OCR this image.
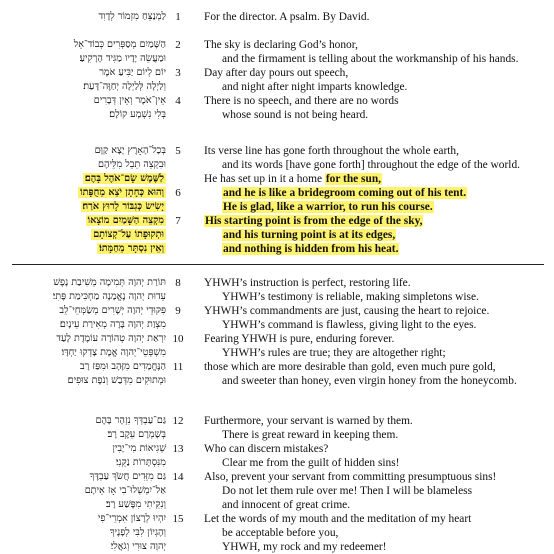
לַמְנַצֵּחַ מִזְמוֹר לְדָוִד 1	For the director. A psalm. By David.
הַשָּׁמַיִם מְסַפְּרִים כְּבוֹד־אֵל 2	The sky is declaring God’s honor,
וּמַעֲשֵׂה יָדָיו מַגִּיד הָרָקִיעַ׃	and the firmament is telling about the workmanship of his hands.
יוֹם לְיוֹם יַבִּיעַ אֹמֶר 3	Day after day pours out speech,
וְלַיְלָה לְּלַיְלָה יְחַוֶּה־דָּעַת׃	and night after night imparts knowledge.
אֵין־אֹמֶר וְאֵין דְּבָרִים 4	There is no speech, and there are no words
בְּלִי נִשְׁמָע קוֹלָם׃	whose sound is not being heard.
בְּכָל־הָאָרֶץ יָצָא קַוָּם 5	Its verse line has gone forth throughout the whole earth,
וּבִקְצֵה תֵבֵל מִלֵּיהֶם	and its words [have gone forth] throughout the edge of the world.
לַשֶּׁמֶשׁ שָׂם־אֹהֶל בָּהֶם׃	He has set up in it a home for the sun,
וְהוּא כְּחָתָן יֹצֵא מֵחֻפָּתוֹ	6	and he is like a bridegroom coming out of his tent.
יָשִׂישׂ כְּגִבּוֹר לָרוּץ אֹרַח׃	He is glad, like a warrior, to run his course.
מִקְצֵה הַשָּׁמַיִם מוֹצָאוֹ	7	His starting point is from the edge of the sky,
וּתְקוּפָתוֹ עַל־קְצוֹתָם	and his turning point is at its edges,
וְאֵין נִסְתָּר מֵחַמָּתוֹ׃	and nothing is hidden from his heat.
תּוֹרַת יְהוָה תְּמִימָה מְשִׁיבַת נָפֶשׁ 8	YHWH’s instruction is perfect, restoring life.
עֵדוּת יְהוָה נֶאֱמָנָה מַחְכִּימַת פֶּתִי׃	YHWH’s testimony is reliable, making simpletons wise.
פִּקּוּדֵי יְהוָה יְשָׁרִים מְשַׂמְּחֵי־לֵב 9	YHWH’s commandments are just, causing the heart to rejoice.
מִצְוַת יְהוָה בָּרָה מְאִירַת עֵינָיִם׃	YHWH’s command is flawless, giving light to the eyes.
יִרְאַת יְהוָה טְהוֹרָה עוֹמֶדֶת לָעַד 10	Fearing YHWH is pure, enduring forever.
מִשְׁפְּטֵי־יְהוָה אֱמֶת צָדְקוּ יַחְדָּו׃	YHWH’s rules are true; they are altogether right;
הַנֶּחֱמָדִים מִזָּהָב וּמִפַּז רָב 11	those which are more desirable than gold, even much pure gold,
וּמְתוּקִים מִדְּבַשׁ וְנֹפֶת צוּפִים׃	and sweeter than honey, even virgin honey from the honeycomb.
גַּם־עַבְדְּךָ נִזְהָר בָּהֶם 12	Furthermore, your servant is warned by them.
בְּשָׁמְרָם עֵקֶב רָב׃	There is great reward in keeping them.
שְׁגִיאוֹת מִי־יָבִין 13	Who can discern mistakes?
מִנִּסְתָּרוֹת נַקֵּנִי׃	Clear me from the guilt of hidden sins!
גַּם מִזֵּדִים חֲשֹׂךְ עַבְדֶּךָ 14	Also, prevent your servant from committing presumptuous sins!
אַל־יִמְשְׁלוּ־בִי אָז אֵיתָם	Do not let them rule over me! Then I will be blameless
וְנִקֵּיתִי מִפֶּשַׁע רָב׃	and innocent of great crime.
יִהְיוּ לְרָצוֹן אִמְרֵי־פִי 15	Let the words of my mouth and the meditation of my heart
וְהֶגְיוֹן לִבִּי לְפָנֶיךָ	be acceptable before you,
יְהוָה צוּרִי וְגֹאֲלִי׃	YHWH, my rock and my redeemer!
